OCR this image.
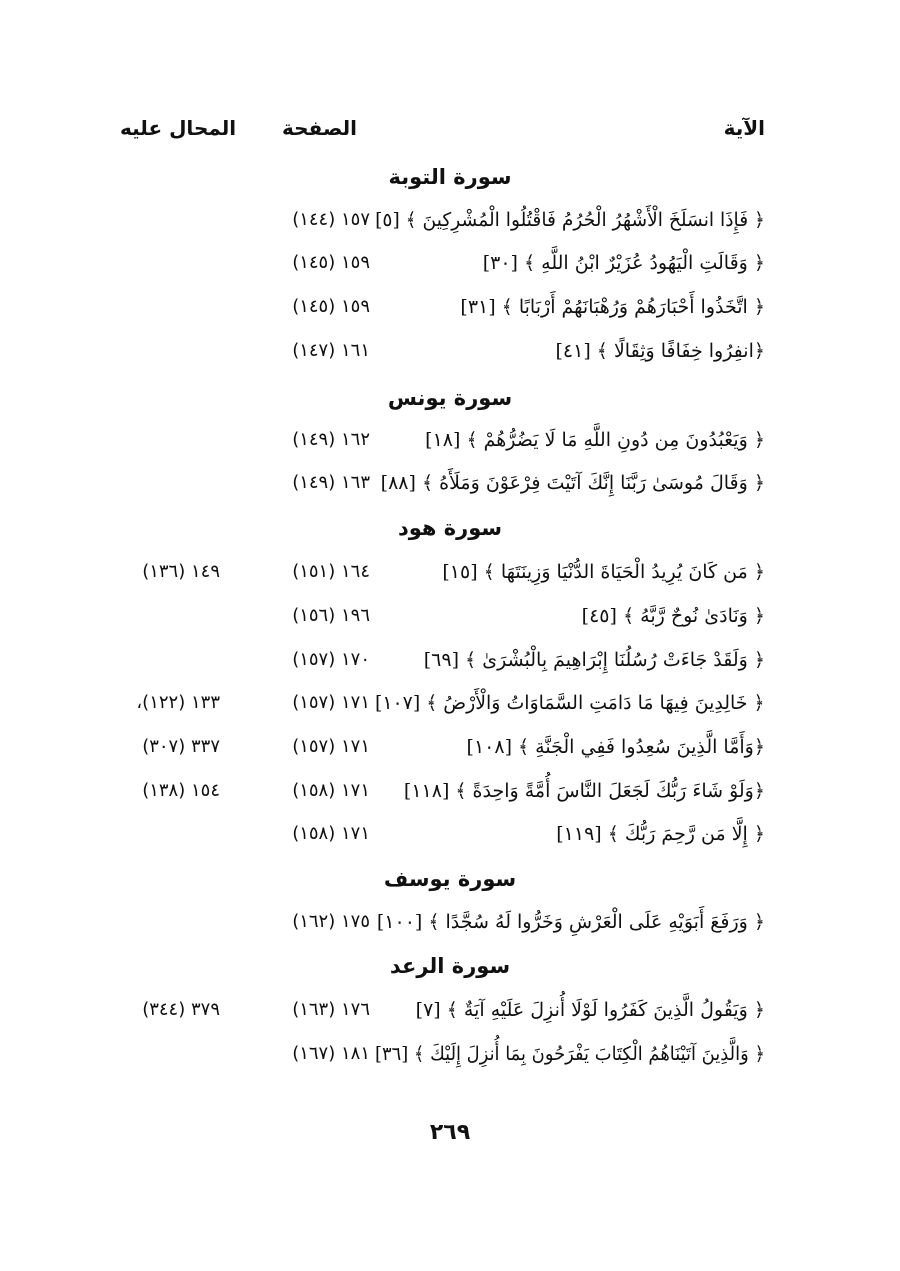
الآية
الصفحة
المحال عليه
سورة التوبة
﴿ فَإِذَا انسَلَخَ الْأَشْهُرُ الْحُرُمُ فَاقْتُلُوا الْمُشْرِكِينَ ﴾ [٥]
١٥٧ (١٤٤)
﴿ وَقَالَتِ الْيَهُودُ عُزَيْرٌ ابْنُ اللَّهِ ﴾ [٣٠]
١٥٩ (١٤٥)
﴿ اتَّخَذُوا أَحْبَارَهُمْ وَرُهْبَانَهُمْ أَرْبَابًا ﴾ [٣١]
١٥٩ (١٤٥)
﴿انفِرُوا خِفَافًا وَثِقَالًا ﴾ [٤١]
١٦١ (١٤٧)
سورة يونس
﴿ وَيَعْبُدُونَ مِن دُونِ اللَّهِ مَا لَا يَضُرُّهُمْ ﴾ [١٨]
١٦٢ (١٤٩)
﴿ وَقَالَ مُوسَىٰ رَبَّنَا إِنَّكَ آتَيْتَ فِرْعَوْنَ وَمَلَأَهُ ﴾ [٨٨]
١٦٣ (١٤٩)
سورة هود
﴿ مَن كَانَ يُرِيدُ الْحَيَاةَ الدُّنْيَا وَزِينَتَهَا ﴾ [١٥]
١٦٤ (١٥١)
١٤٩ (١٣٦)
﴿ وَنَادَىٰ نُوحٌ رَّبَّهُ ﴾ [٤٥]
١٩٦ (١٥٦)
﴿ وَلَقَدْ جَاءَتْ رُسُلُنَا إِبْرَاهِيمَ بِالْبُشْرَىٰ ﴾ [٦٩]
١٧٠ (١٥٧)
﴿ خَالِدِينَ فِيهَا مَا دَامَتِ السَّمَاوَاتُ وَالْأَرْضُ ﴾ [١٠٧]
١٧١ (١٥٧)
١٣٣ (١٢٢)،
﴿وَأَمَّا الَّذِينَ سُعِدُوا فَفِي الْجَنَّةِ ﴾ [١٠٨]
١٧١ (١٥٧)
٣٣٧ (٣٠٧)
﴿وَلَوْ شَاءَ رَبُّكَ لَجَعَلَ النَّاسَ أُمَّةً وَاحِدَةً ﴾ [١١٨]
١٧١ (١٥٨)
١٥٤ (١٣٨)
﴿ إِلَّا مَن رَّحِمَ رَبُّكَ ﴾ [١١٩]
١٧١ (١٥٨)
سورة يوسف
﴿ وَرَفَعَ أَبَوَيْهِ عَلَى الْعَرْشِ وَخَرُّوا لَهُ سُجَّدًا ﴾ [١٠٠]
١٧٥ (١٦٢)
سورة الرعد
﴿ وَيَقُولُ الَّذِينَ كَفَرُوا لَوْلَا أُنزِلَ عَلَيْهِ آيَةٌ ﴾ [٧]
١٧٦ (١٦٣)
٣٧٩ (٣٤٤)
﴿ وَالَّذِينَ آتَيْنَاهُمُ الْكِتَابَ يَفْرَحُونَ بِمَا أُنزِلَ إِلَيْكَ ﴾ [٣٦]
١٨١ (١٦٧)
٢٦٩
